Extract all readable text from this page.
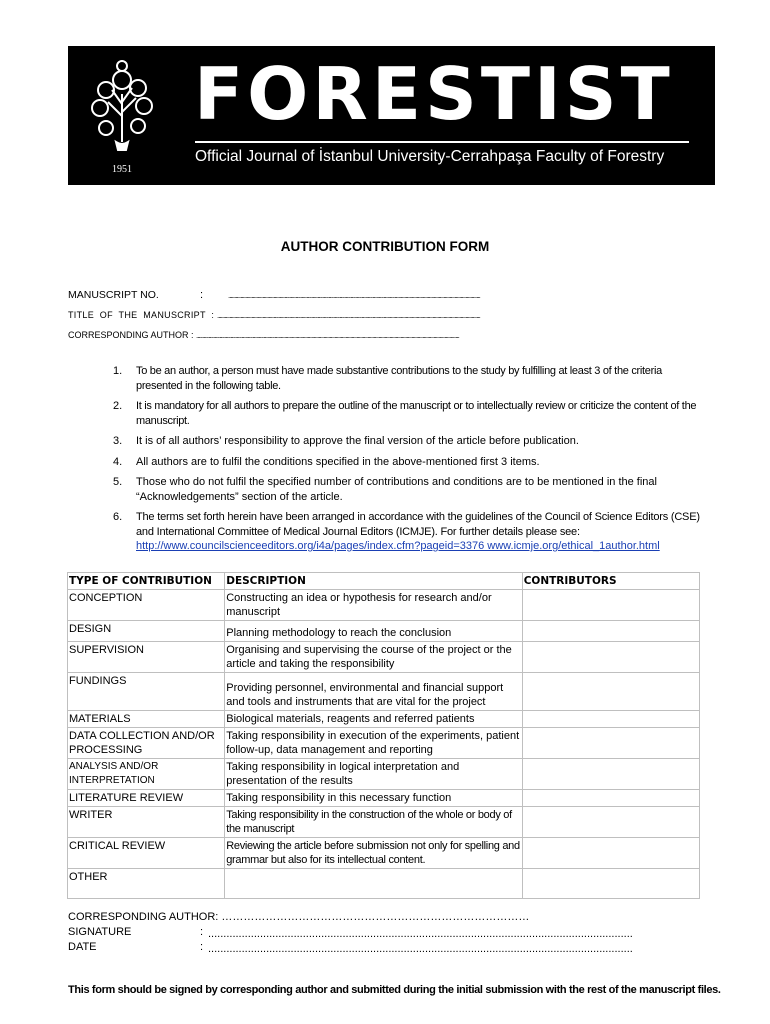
1951
FORESTIST
Official Journal of İstanbul University-Cerrahpaşa Faculty of Forestry
AUTHOR CONTRIBUTION FORM
MANUSCRIPT NO.	:	..............................................................................................................................................................................................................
TITLE OF THE MANUSCRIPT : .......................................................................................................................................................................................................................
CORRESPONDING AUTHOR : .......................................................................................................................................................................................................................
1. To be an author, a person must have made substantive contributions to the study by fulfilling at least 3 of the criteria presented in the following table.
2. It is mandatory for all authors to prepare the outline of the manuscript or to intellectually review or criticize the content of the manuscript.
3. It is of all authors’ responsibility to approve the final version of the article before publication.
4. All authors are to fulfil the conditions specified in the above-mentioned first 3 items.
5. Those who do not fulfil the specified number of contributions and conditions are to be mentioned in the final “Acknowledgements” section of the article.
6. The terms set forth herein have been arranged in accordance with the guidelines of the Council of Science Editors (CSE) and International Committee of Medical Journal Editors (ICMJE). For further details please see:
http://www.councilscienceeditors.org/i4a/pages/index.cfm?pageid=3376 www.icmje.org/ethical_1author.html
TYPE OF CONTRIBUTION	DESCRIPTION	CONTRIBUTORS
CONCEPTION	Constructing an idea or hypothesis for research and/or manuscript	
DESIGN	Planning methodology to reach the conclusion	
SUPERVISION	Organising and supervising the course of the project or the article and taking the responsibility	
FUNDINGS	Providing personnel, environmental and financial support and tools and instruments that are vital for the project	
MATERIALS	Biological materials, reagents and referred patients	
DATA COLLECTION AND/OR PROCESSING	Taking responsibility in execution of the experiments, patient follow-up, data management and reporting	
ANALYSIS AND/OR INTERPRETATION	Taking responsibility in logical interpretation and presentation of the results	
LITERATURE REVIEW	Taking responsibility in this necessary function	
WRITER	Taking responsibility in the construction of the whole or body of the manuscript	
CRITICAL REVIEW	Reviewing the article before submission not only for spelling and grammar but also for its intellectual content.	
OTHER		
CORRESPONDING AUTHOR: …………………………………………………………………………
SIGNATURE	: ...........................................................................................................................................
DATE	: ...........................................................................................................................................
This form should be signed by corresponding author and submitted during the initial submission with the rest of the manuscript files.
